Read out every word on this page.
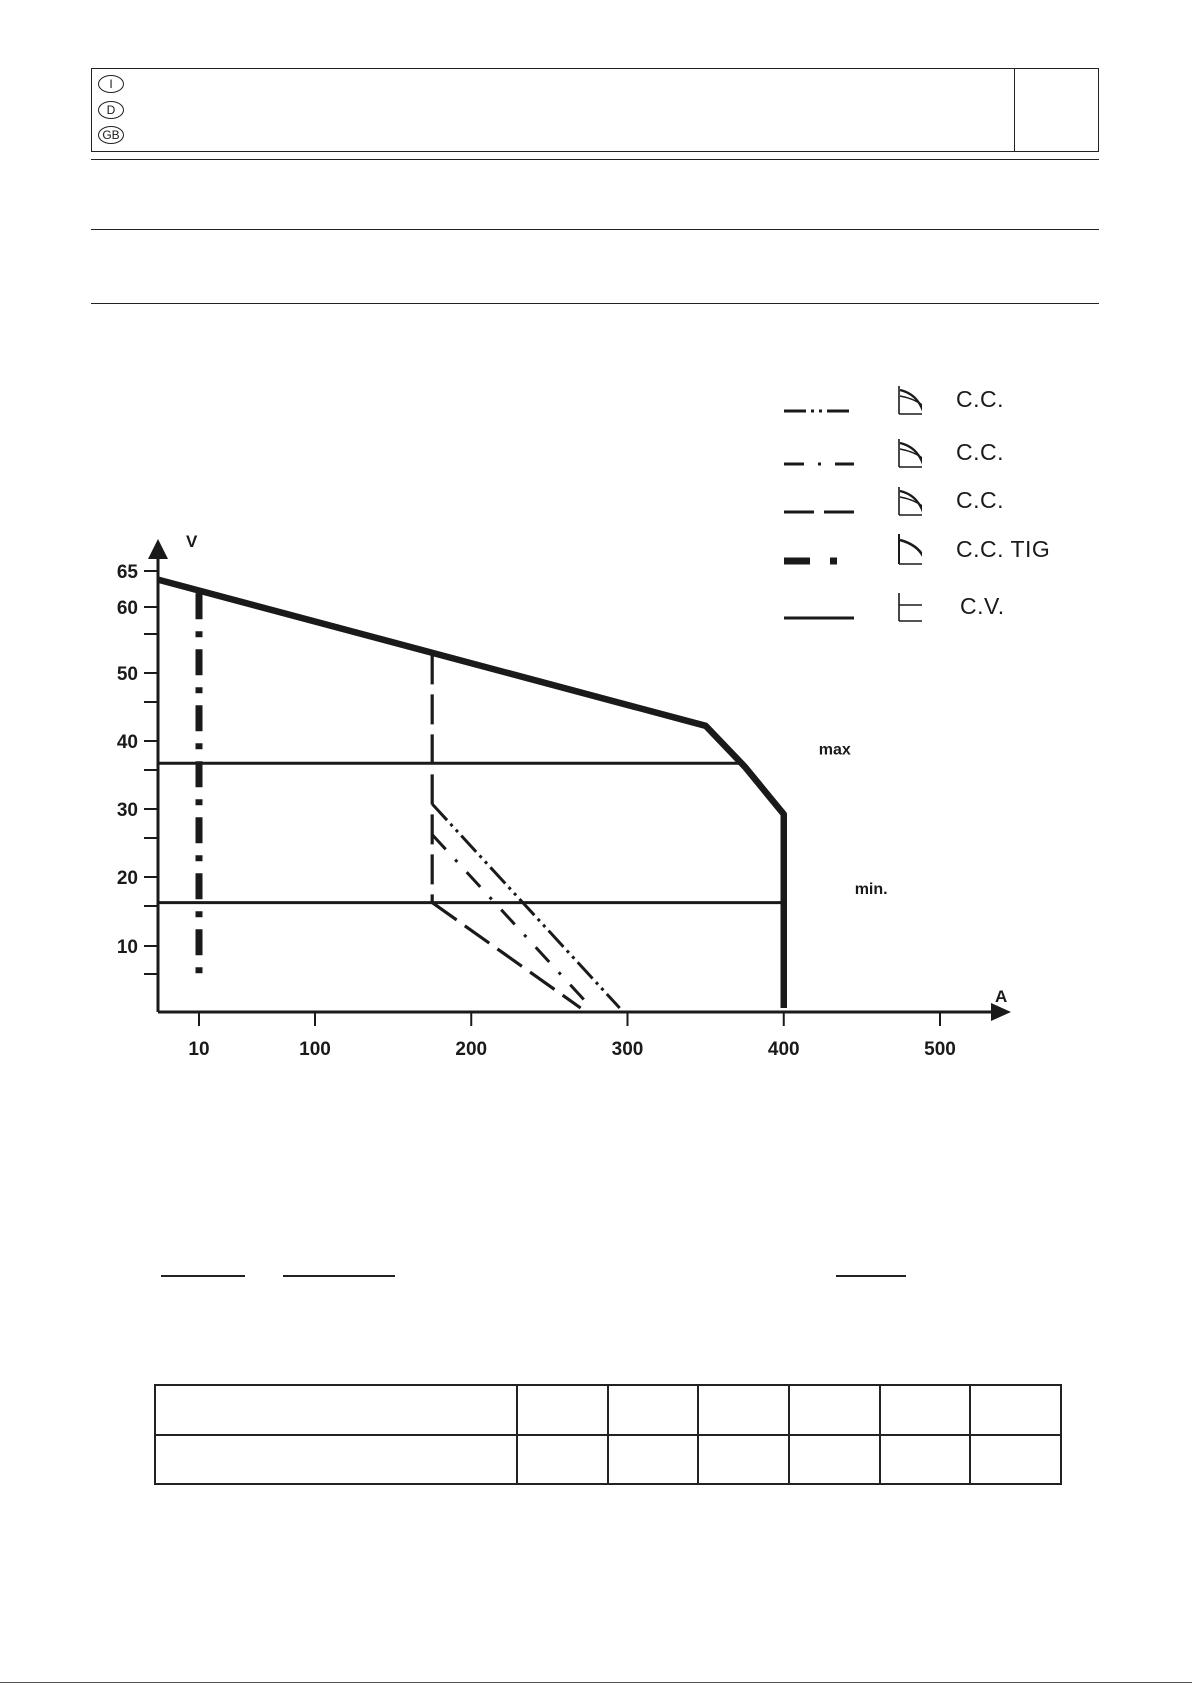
I
D
GB
C.C.
C.C.
C.C.
C.C. TIG
C.V.
V
A
65
60
50
40
30
20
10
10	100	200	300	400	500
max
min.
